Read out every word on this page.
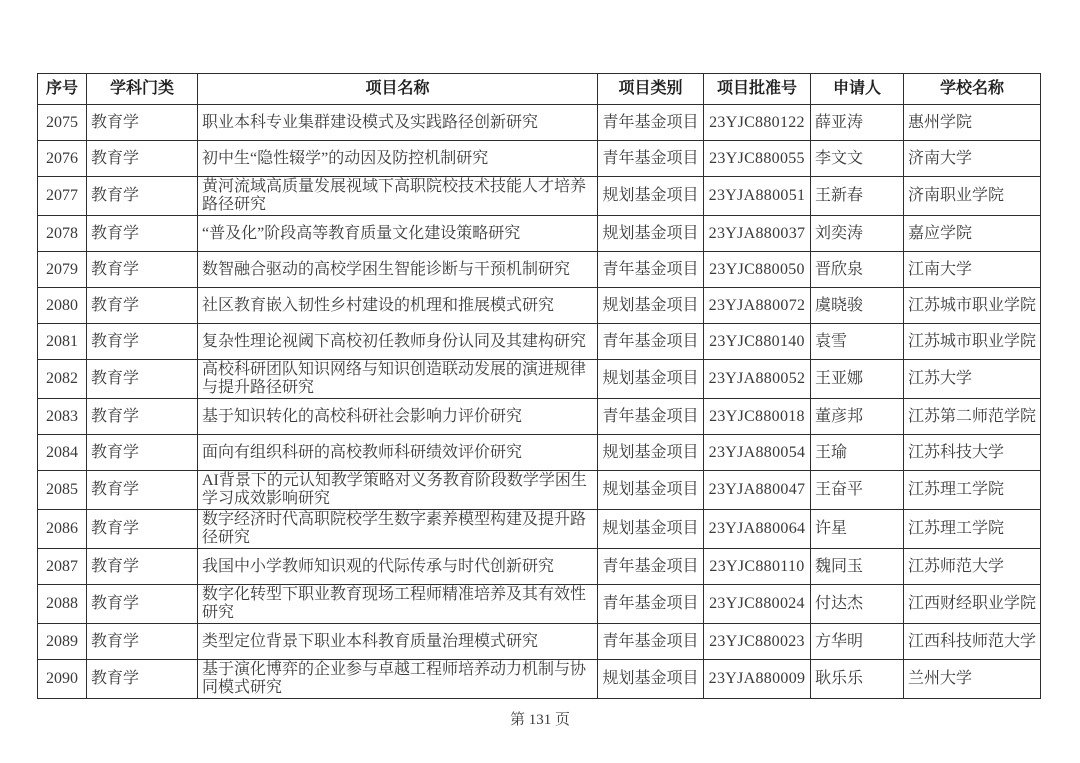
序号	学科门类	项目名称	项目类别	项目批准号	申请人	学校名称
2075	教育学	职业本科专业集群建设模式及实践路径创新研究	青年基金项目	23YJC880122	薛亚涛	惠州学院
2076	教育学	初中生“隐性辍学”的动因及防控机制研究	青年基金项目	23YJC880055	李文文	济南大学
2077	教育学	黄河流域高质量发展视域下高职院校技术技能人才培养路径研究	规划基金项目	23YJA880051	王新春	济南职业学院
2078	教育学	“普及化”阶段高等教育质量文化建设策略研究	规划基金项目	23YJA880037	刘奕涛	嘉应学院
2079	教育学	数智融合驱动的高校学困生智能诊断与干预机制研究	青年基金项目	23YJC880050	晋欣泉	江南大学
2080	教育学	社区教育嵌入韧性乡村建设的机理和推展模式研究	规划基金项目	23YJA880072	虞晓骏	江苏城市职业学院
2081	教育学	复杂性理论视阈下高校初任教师身份认同及其建构研究	青年基金项目	23YJC880140	袁雪	江苏城市职业学院
2082	教育学	高校科研团队知识网络与知识创造联动发展的演进规律与提升路径研究	规划基金项目	23YJA880052	王亚娜	江苏大学
2083	教育学	基于知识转化的高校科研社会影响力评价研究	青年基金项目	23YJC880018	董彦邦	江苏第二师范学院
2084	教育学	面向有组织科研的高校教师科研绩效评价研究	规划基金项目	23YJA880054	王瑜	江苏科技大学
2085	教育学	AI背景下的元认知教学策略对义务教育阶段数学学困生学习成效影响研究	规划基金项目	23YJA880047	王奋平	江苏理工学院
2086	教育学	数字经济时代高职院校学生数字素养模型构建及提升路径研究	规划基金项目	23YJA880064	许星	江苏理工学院
2087	教育学	我国中小学教师知识观的代际传承与时代创新研究	青年基金项目	23YJC880110	魏同玉	江苏师范大学
2088	教育学	数字化转型下职业教育现场工程师精准培养及其有效性研究	青年基金项目	23YJC880024	付达杰	江西财经职业学院
2089	教育学	类型定位背景下职业本科教育质量治理模式研究	青年基金项目	23YJC880023	方华明	江西科技师范大学
2090	教育学	基于演化博弈的企业参与卓越工程师培养动力机制与协同模式研究	规划基金项目	23YJA880009	耿乐乐	兰州大学
第 131 页
